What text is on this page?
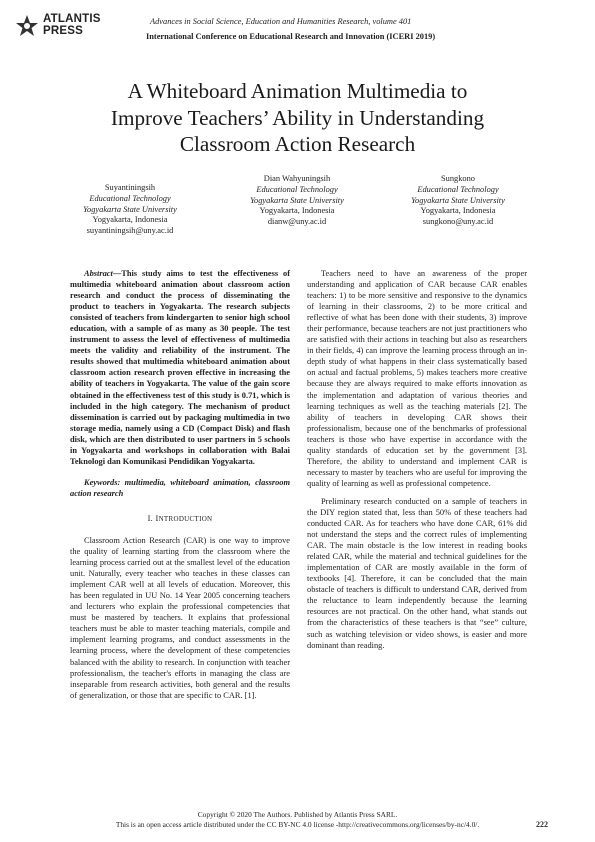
ATLANTIS
PRESS
Advances in Social Science, Education and Humanities Research, volume 401
International Conference on Educational Research and Innovation (ICERI 2019)
A Whiteboard Animation Multimedia to
Improve Teachers’ Ability in Understanding
Classroom Action Research
Suyantiningsih
Educational Technology
Yogyakarta State University
Yogyakarta, Indonesia
suyantiningsih@uny.ac.id
Dian Wahyuningsih
Educational Technology
Yogyakarta State University
Yogyakarta, Indonesia
dianw@uny.ac.id
Sungkono
Educational Technology
Yogyakarta State University
Yogyakarta, Indonesia
sungkono@uny.ac.id

Abstract—This study aims to test the effectiveness of multimedia whiteboard animation about classroom action research and conduct the process of disseminating the product to teachers in Yogyakarta. The research subjects consisted of teachers from kindergarten to senior high school education, with a sample of as many as 30 people. The test instrument to assess the level of effectiveness of multimedia meets the validity and reliability of the instrument. The results showed that multimedia whiteboard animation about classroom action research proven effective in increasing the ability of teachers in Yogyakarta. The value of the gain score obtained in the effectiveness test of this study is 0.71, which is included in the high category. The mechanism of product dissemination is carried out by packaging multimedia in two storage media, namely using a CD (Compact Disk) and flash disk, which are then distributed to user partners in 5 schools in Yogyakarta and workshops in collaboration with Balai Teknologi dan Komunikasi Pendidikan Yogyakarta.

Keywords: multimedia, whiteboard animation, classroom action research

I. INTRODUCTION

Classroom Action Research (CAR) is one way to improve the quality of learning starting from the classroom where the learning process carried out at the smallest level of the education unit. Naturally, every teacher who teaches in these classes can implement CAR well at all levels of education. Moreover, this has been regulated in UU No. 14 Year 2005 concerning teachers and lecturers who explain the professional competencies that must be mastered by teachers. It explains that professional teachers must be able to master teaching materials, compile and implement learning programs, and conduct assessments in the learning process, where the development of these competencies balanced with the ability to research. In conjunction with teacher professionalism, the teacher's efforts in managing the class are inseparable from research activities, both general and the results of generalization, or those that are specific to CAR. [1].

Teachers need to have an awareness of the proper understanding and application of CAR because CAR enables teachers: 1) to be more sensitive and responsive to the dynamics of learning in their classrooms, 2) to be more critical and reflective of what has been done with their students, 3) improve their performance, because teachers are not just practitioners who are satisfied with their actions in teaching but also as researchers in their fields, 4) can improve the learning process through an in-depth study of what happens in their class systematically based on actual and factual problems, 5) makes teachers more creative because they are always required to make efforts innovation as the implementation and adaptation of various theories and learning techniques as well as the teaching materials [2]. The ability of teachers in developing CAR shows their professionalism, because one of the benchmarks of professional teachers is those who have expertise in accordance with the quality standards of education set by the government [3]. Therefore, the ability to understand and implement CAR is necessary to master by teachers who are useful for improving the quality of learning as well as professional competence.

Preliminary research conducted on a sample of teachers in the DIY region stated that, less than 50% of these teachers had conducted CAR. As for teachers who have done CAR, 61% did not understand the steps and the correct rules of implementing CAR. The main obstacle is the low interest in reading books related CAR, while the material and technical guidelines for the implementation of CAR are mostly available in the form of textbooks [4]. Therefore, it can be concluded that the main obstacle of teachers is difficult to understand CAR, derived from the reluctance to learn independently because the learning resources are not practical. On the other hand, what stands out from the characteristics of these teachers is that “see” culture, such as watching television or video shows, is easier and more dominant than reading.

Copyright © 2020 The Authors. Published by Atlantis Press SARL.
This is an open access article distributed under the CC BY-NC 4.0 license -http://creativecommons.org/licenses/by-nc/4.0/.	222
